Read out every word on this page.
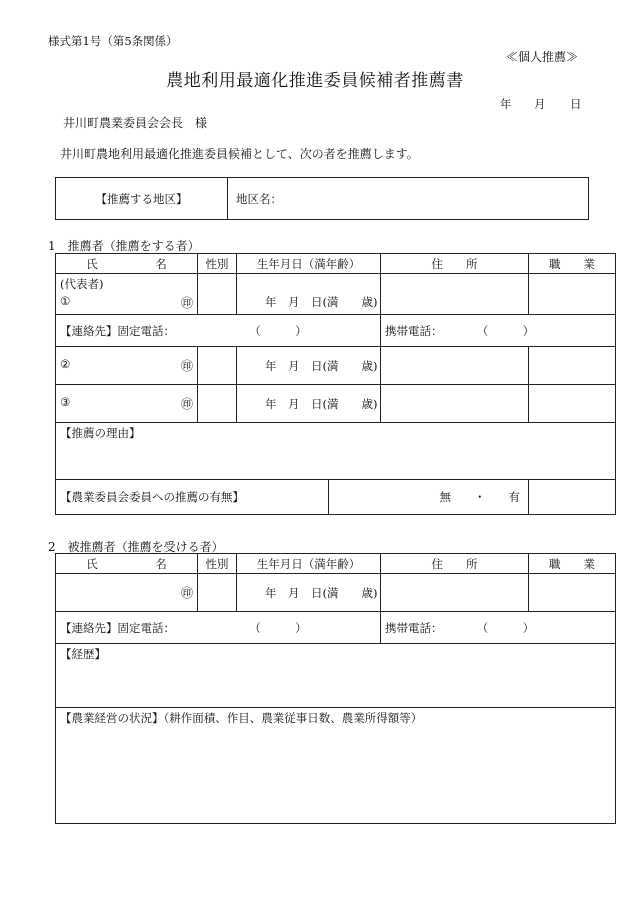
様式第1号（第5条関係）
≪個人推薦≫
農地利用最適化推進委員候補者推薦書
年 月 日
井川町農業委員会会長　様
井川町農地利用最適化推進委員候補として、次の者を推薦します。
【推薦する地区】	地区名：
1　推薦者（推薦をする者）
氏　　　　　名	性別	生年月日（満年齢）	住　　所	職　　業

(代表者)
① ㊞		年　月　日(満　　歳)		
【連絡先】固定電話： （　　　）			携帯電話： （　　　）	

② ㊞		年　月　日(満　　歳)		

③ ㊞		年　月　日(満　　歳)		
【推薦の理由】				

【農業委員会委員への推薦の有無】 無　　・　　有				

2　被推薦者（推薦を受ける者）
氏　　　　　名	性別	生年月日（満年齢）	住　　所	職　　業
㊞		年　月　日(満　　歳)		
【連絡先】固定電話： （　　　）			携帯電話： （　　　）	
【経歴】				
【農業経営の状況】（耕作面積、作目、農業従事日数、農業所得額等）				
